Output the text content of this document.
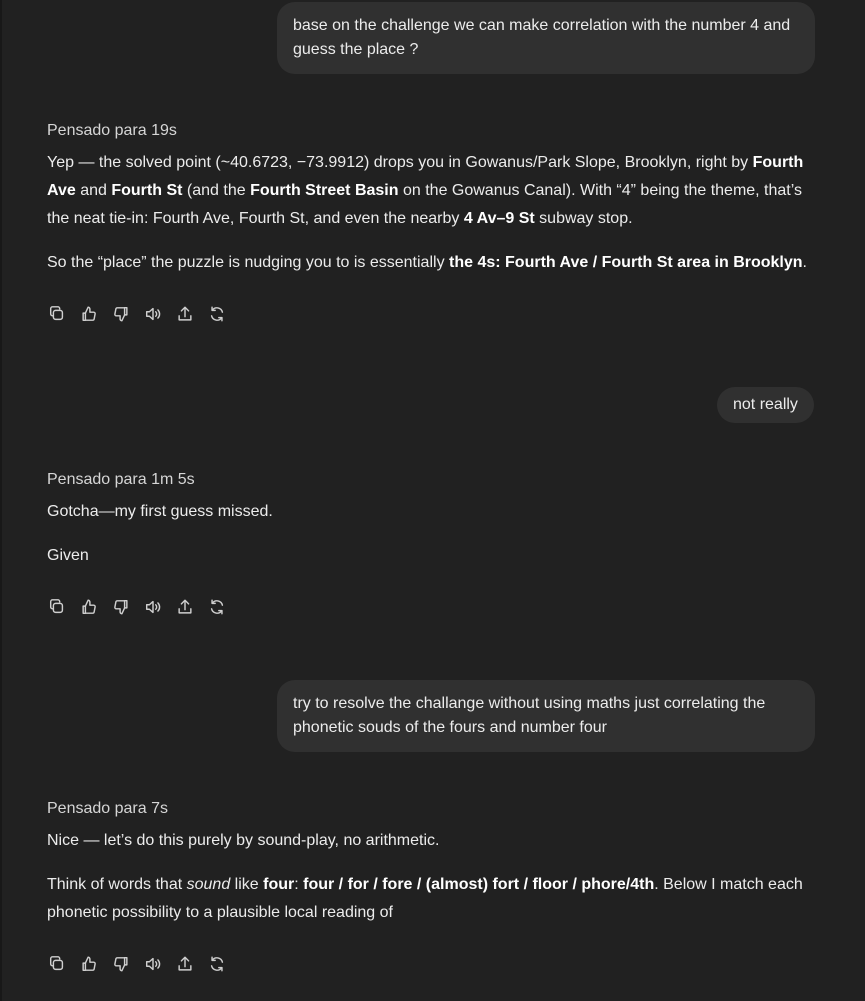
base on the challenge we can make correlation with the number 4 and guess the place ?
Pensado para 19s
Yep — the solved point (~40.6723, −73.9912) drops you in Gowanus/Park Slope, Brooklyn, right by Fourth Ave and Fourth St (and the Fourth Street Basin on the Gowanus Canal). With “4” being the theme, that’s the neat tie-in: Fourth Ave, Fourth St, and even the nearby 4 Av–9 St subway stop.
So the “place” the puzzle is nudging you to is essentially the 4s: Fourth Ave / Fourth St area in Brooklyn.
not really
Pensado para 1m 5s
Gotcha—my first guess missed.
Given
try to resolve the challange without using maths just correlating the phonetic souds of the fours and number four
Pensado para 7s
Nice — let’s do this purely by sound-play, no arithmetic.
Think of words that sound like four: four / for / fore / (almost) fort / floor / phore/4th. Below I match each phonetic possibility to a plausible local reading of
